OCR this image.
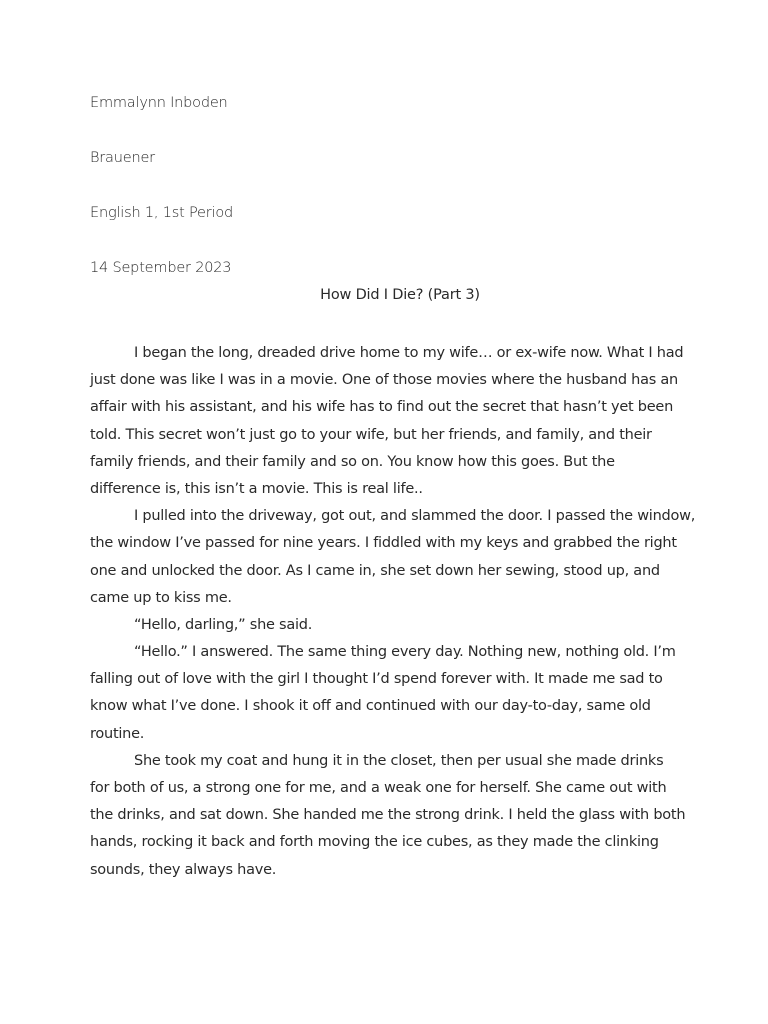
Emmalynn Inboden
Brauener
English 1, 1st Period
14 September 2023
How Did I Die? (Part 3)
I began the long, dreaded drive home to my wife… or ex-wife now. What I had
just done was like I was in a movie. One of those movies where the husband has an
affair with his assistant, and his wife has to find out the secret that hasn’t yet been
told. This secret won’t just go to your wife, but her friends, and family, and their
family friends, and their family and so on. You know how this goes. But the
difference is, this isn’t a movie. This is real life..
I pulled into the driveway, got out, and slammed the door. I passed the window,
the window I’ve passed for nine years. I fiddled with my keys and grabbed the right
one and unlocked the door. As I came in, she set down her sewing, stood up, and
came up to kiss me.
“Hello, darling,” she said.
“Hello.” I answered. The same thing every day. Nothing new, nothing old. I’m
falling out of love with the girl I thought I’d spend forever with. It made me sad to
know what I’ve done. I shook it off and continued with our day-to-day, same old
routine.
She took my coat and hung it in the closet, then per usual she made drinks
for both of us, a strong one for me, and a weak one for herself. She came out with
the drinks, and sat down. She handed me the strong drink. I held the glass with both
hands, rocking it back and forth moving the ice cubes, as they made the clinking
sounds, they always have.
